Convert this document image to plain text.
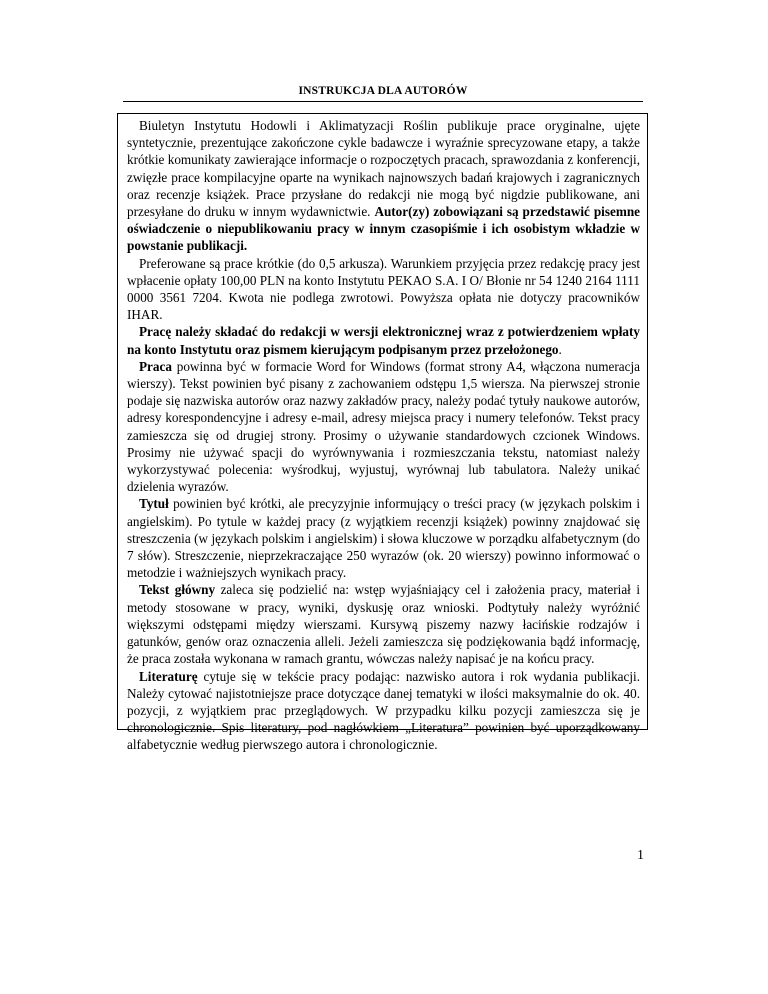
INSTRUKCJA DLA AUTORÓW

Biuletyn Instytutu Hodowli i Aklimatyzacji Roślin publikuje prace oryginalne, ujęte syntetycznie, prezentujące zakończone cykle badawcze i wyraźnie sprecyzowane etapy, a także krótkie komunikaty zawierające informacje o rozpoczętych pracach, sprawozdania z konferencji, zwięzłe prace kompilacyjne oparte na wynikach najnowszych badań krajowych i zagranicznych oraz recenzje książek. Prace przysłane do redakcji nie mogą być nigdzie publikowane, ani przesyłane do druku w innym wydawnictwie. Autor(zy) zobowiązani są przedstawić pisemne oświadczenie o niepublikowaniu pracy w innym czasopiśmie i ich osobistym wkładzie w powstanie publikacji.

Preferowane są prace krótkie (do 0,5 arkusza). Warunkiem przyjęcia przez redakcję pracy jest wpłacenie opłaty 100,00 PLN na konto Instytutu PEKAO S.A. I O/ Błonie nr 54 1240 2164 1111 0000 3561 7204. Kwota nie podlega zwrotowi. Powyższa opłata nie dotyczy pracowników IHAR.

Pracę należy składać do redakcji w wersji elektronicznej wraz z potwierdzeniem wpłaty na konto Instytutu oraz pismem kierującym podpisanym przez przełożonego.

Praca powinna być w formacie Word for Windows (format strony A4, włączona numeracja wierszy). Tekst powinien być pisany z zachowaniem odstępu 1,5 wiersza. Na pierwszej stronie podaje się nazwiska autorów oraz nazwy zakładów pracy, należy podać tytuły naukowe autorów, adresy korespondencyjne i adresy e-mail, adresy miejsca pracy i numery telefonów. Tekst pracy zamieszcza się od drugiej strony. Prosimy o używanie standardowych czcionek Windows. Prosimy nie używać spacji do wyrównywania i rozmieszczania tekstu, natomiast należy wykorzystywać polecenia: wyśrodkuj, wyjustuj, wyrównaj lub tabulatora. Należy unikać dzielenia wyrazów.

Tytuł powinien być krótki, ale precyzyjnie informujący o treści pracy (w językach polskim i angielskim). Po tytule w każdej pracy (z wyjątkiem recenzji książek) powinny znajdować się streszczenia (w językach polskim i angielskim) i słowa kluczowe w porządku alfabetycznym (do 7 słów). Streszczenie, nieprzekraczające 250 wyrazów (ok. 20 wierszy) powinno informować o metodzie i ważniejszych wynikach pracy.

Tekst główny zaleca się podzielić na: wstęp wyjaśniający cel i założenia pracy, materiał i metody stosowane w pracy, wyniki, dyskusję oraz wnioski. Podtytuły należy wyróżnić większymi odstępami między wierszami. Kursywą piszemy nazwy łacińskie rodzajów i gatunków, genów oraz oznaczenia alleli. Jeżeli zamieszcza się podziękowania bądź informację, że praca została wykonana w ramach grantu, wówczas należy napisać je na końcu pracy.

Literaturę cytuje się w tekście pracy podając: nazwisko autora i rok wydania publikacji. Należy cytować najistotniejsze prace dotyczące danej tematyki w ilości maksymalnie do ok. 40. pozycji, z wyjątkiem prac przeglądowych. W przypadku kilku pozycji zamieszcza się je chronologicznie. Spis literatury, pod nagłówkiem „Literatura” powinien być uporządkowany alfabetycznie według pierwszego autora i chronologicznie.

1
